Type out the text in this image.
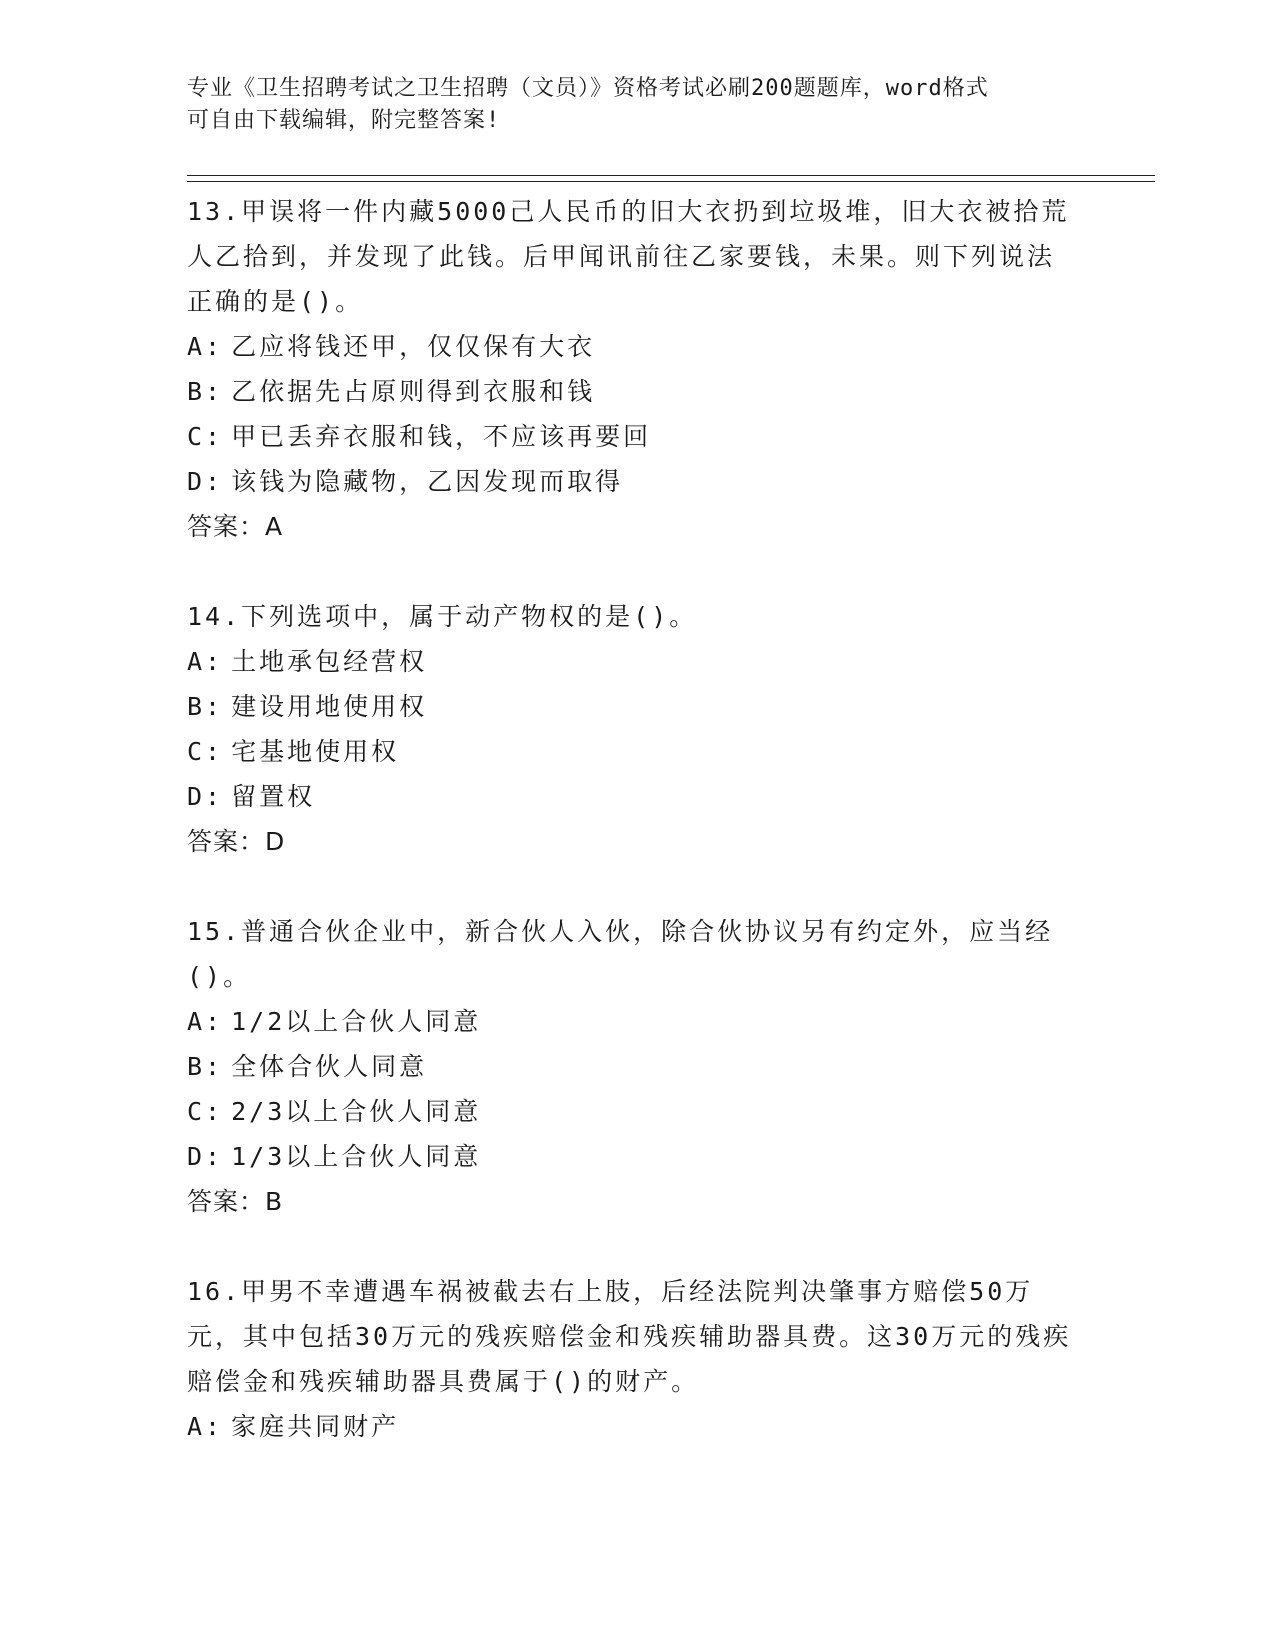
专业《卫生招聘考试之卫生招聘（文员）》资格考试必刷200题题库，word格式
可自由下载编辑，附完整答案!

13.甲误将一件内藏5000己人民币的旧大衣扔到垃圾堆，旧大衣被拾荒人乙拾到，并发现了此钱。后甲闻讯前往乙家要钱，未果。则下列说法正确的是()。

A: 乙应将钱还甲，仅仅保有大衣

B: 乙依据先占原则得到衣服和钱

C: 甲已丢弃衣服和钱，不应该再要回

D: 该钱为隐藏物，乙因发现而取得

答案：A

14.下列选项中，属于动产物权的是()。

A: 土地承包经营权

B: 建设用地使用权

C: 宅基地使用权

D: 留置权

答案：D

15.普通合伙企业中，新合伙人入伙，除合伙协议另有约定外，应当经()。

A: 1/2以上合伙人同意

B: 全体合伙人同意

C: 2/3以上合伙人同意

D: 1/3以上合伙人同意

答案：B

16.甲男不幸遭遇车祸被截去右上肢，后经法院判决肇事方赔偿50万元，其中包括30万元的残疾赔偿金和残疾辅助器具费。这30万元的残疾赔偿金和残疾辅助器具费属于()的财产。

A: 家庭共同财产
